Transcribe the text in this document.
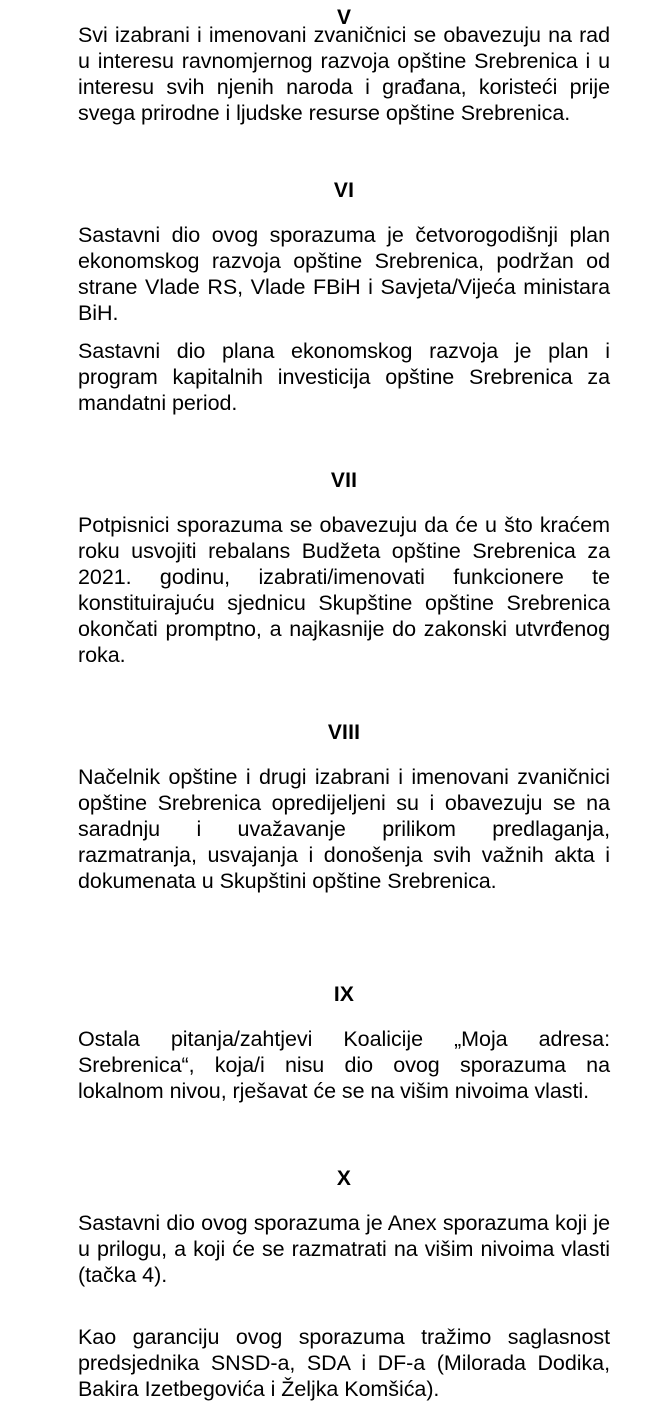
V
Svi izabrani i imenovani zvaničnici se obavezuju na rad u interesu ravnomjernog razvoja opštine Srebrenica i u interesu svih njenih naroda i građana, koristeći prije svega prirodne i ljudske resurse opštine Srebrenica.
VI
Sastavni dio ovog sporazuma je četvorogodišnji plan ekonomskog razvoja opštine Srebrenica, podržan od strane Vlade RS, Vlade FBiH i Savjeta/Vijeća ministara BiH.
Sastavni dio plana ekonomskog razvoja je plan i program kapitalnih investicija opštine Srebrenica za mandatni period.
VII
Potpisnici sporazuma se obavezuju da će u što kraćem roku usvojiti rebalans Budžeta opštine Srebrenica za 2021. godinu, izabrati/imenovati funkcionere te konstituirajuću sjednicu Skupštine opštine Srebrenica okončati promptno, a najkasnije do zakonski utvrđenog roka.
VIII
Načelnik opštine i drugi izabrani i imenovani zvaničnici opštine Srebrenica opredijeljeni su i obavezuju se na saradnju i uvažavanje prilikom predlaganja, razmatranja, usvajanja i donošenja svih važnih akta i dokumenata u Skupštini opštine Srebrenica.
IX
Ostala pitanja/zahtjevi Koalicije „Moja adresa: Srebrenica“, koja/i nisu dio ovog sporazuma na lokalnom nivou, rješavat će se na višim nivoima vlasti.
X
Sastavni dio ovog sporazuma je Anex sporazuma koji je u prilogu, a koji će se razmatrati na višim nivoima vlasti (tačka 4).
Kao garanciju ovog sporazuma tražimo saglasnost predsjednika SNSD-a, SDA i DF-a (Milorada Dodika, Bakira Izetbegovića i Željka Komšića).
